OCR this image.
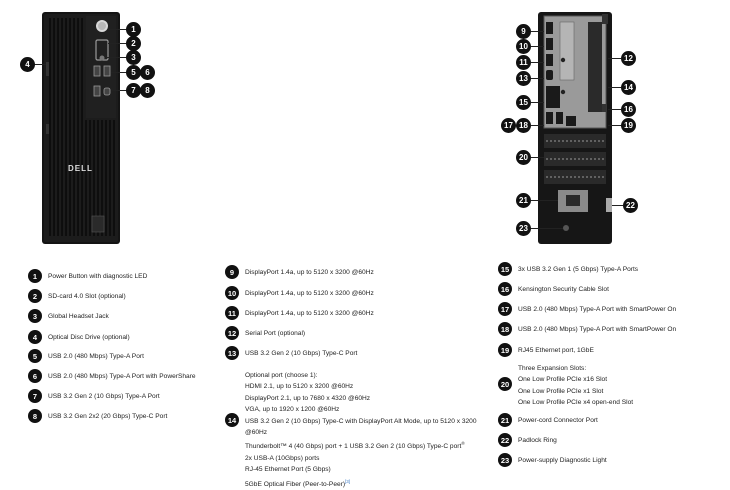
DELL
1
2
3
4
5	6
7	8
9
10
11	12
13
14
15
16
17 18	19
20
21
22
23
1	Power Button with diagnostic LED
2	SD-card 4.0 Slot (optional)
3	Global Headset Jack
4	Optical Disc Drive (optional)
5	USB 2.0 (480 Mbps) Type-A Port
6	USB 2.0 (480 Mbps) Type-A Port with PowerShare
7	USB 3.2 Gen 2 (10 Gbps) Type-A Port
8	USB 3.2 Gen 2x2 (20 Gbps) Type-C Port
9	DisplayPort 1.4a, up to 5120 x 3200 @60Hz
10	DisplayPort 1.4a, up to 5120 x 3200 @60Hz
11	DisplayPort 1.4a, up to 5120 x 3200 @60Hz
12	Serial Port (optional)
13	USB 3.2 Gen 2 (10 Gbps) Type-C Port
14
Optional port (choose 1):
HDMI 2.1, up to 5120 x 3200 @60Hz
DisplayPort 2.1, up to 7680 x 4320 @60Hz
VGA, up to 1920 x 1200 @60Hz
USB 3.2 Gen 2 (10 Gbps) Type-C with DisplayPort Alt Mode, up to 5120 x 3200
@60Hz
Thunderbolt™ 4 (40 Gbps) port + 1 USB 3.2 Gen 2 (10 Gbps) Type-C port®
2x USB-A (10Gbps) ports
RJ-45 Ethernet Port (5 Gbps)
5GbE Optical Fiber (Peer-to-Peer)[3]
15	3x USB 3.2 Gen 1 (5 Gbps) Type-A Ports
16	Kensington Security Cable Slot
17	USB 2.0 (480 Mbps) Type-A Port with SmartPower On
18	USB 2.0 (480 Mbps) Type-A Port with SmartPower On
19	RJ45 Ethernet port, 1GbE
20
Three Expansion Slots:
One Low Profile PCIe x16 Slot
One Low Profile PCIe x1 Slot
One Low Profile PCIe x4 open-end Slot
21	Power-cord Connector Port
22	Padlock Ring
23	Power-supply Diagnostic Light
